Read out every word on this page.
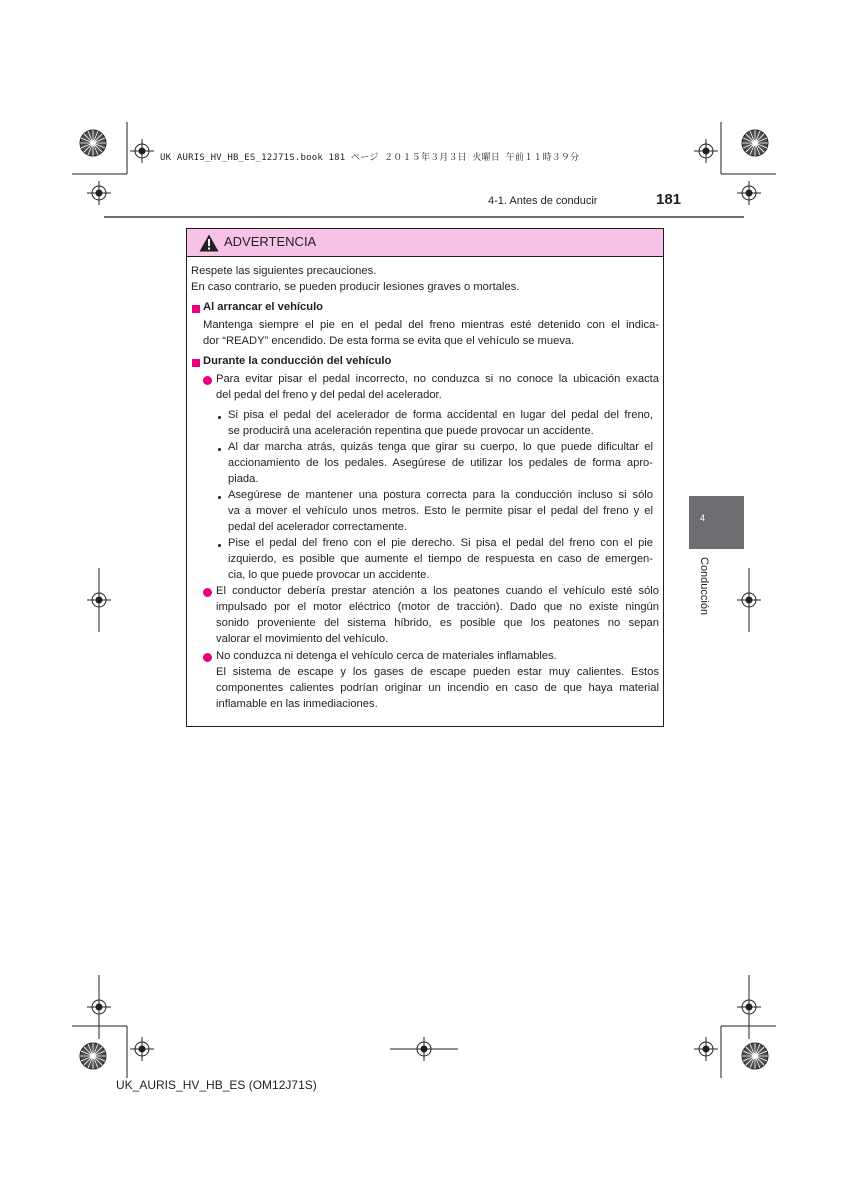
UK AURIS_HV_HB_ES_12J71S.book 181 ページ ２０１５年３月３日 火曜日 午前１１時３９分
4-1. Antes de conducir	181
4
Conducción
ADVERTENCIA
Respete las siguientes precauciones.
En caso contrario, se pueden producir lesiones graves o mortales.
Al arrancar el vehículo
Mantenga siempre el pie en el pedal del freno mientras esté detenido con el indica-
dor “READY” encendido. De esta forma se evita que el vehículo se mueva.
Durante la conducción del vehículo
Para evitar pisar el pedal incorrecto, no conduzca si no conoce la ubicación exacta
del pedal del freno y del pedal del acelerador.
Si pisa el pedal del acelerador de forma accidental en lugar del pedal del freno,
se producirá una aceleración repentina que puede provocar un accidente.
Al dar marcha atrás, quizás tenga que girar su cuerpo, lo que puede dificultar el
accionamiento de los pedales. Asegúrese de utilizar los pedales de forma apro-
piada.
Asegúrese de mantener una postura correcta para la conducción incluso si sólo
va a mover el vehículo unos metros. Esto le permite pisar el pedal del freno y el
pedal del acelerador correctamente.
Pise el pedal del freno con el pie derecho. Si pisa el pedal del freno con el pie
izquierdo, es posible que aumente el tiempo de respuesta en caso de emergen-
cia, lo que puede provocar un accidente.
El conductor debería prestar atención a los peatones cuando el vehículo esté sólo
impulsado por el motor eléctrico (motor de tracción). Dado que no existe ningún
sonido proveniente del sistema híbrido, es posible que los peatones no sepan
valorar el movimiento del vehículo.
No conduzca ni detenga el vehículo cerca de materiales inflamables.
El sistema de escape y los gases de escape pueden estar muy calientes. Estos
componentes calientes podrían originar un incendio en caso de que haya material
inflamable en las inmediaciones.
UK_AURIS_HV_HB_ES (OM12J71S)
